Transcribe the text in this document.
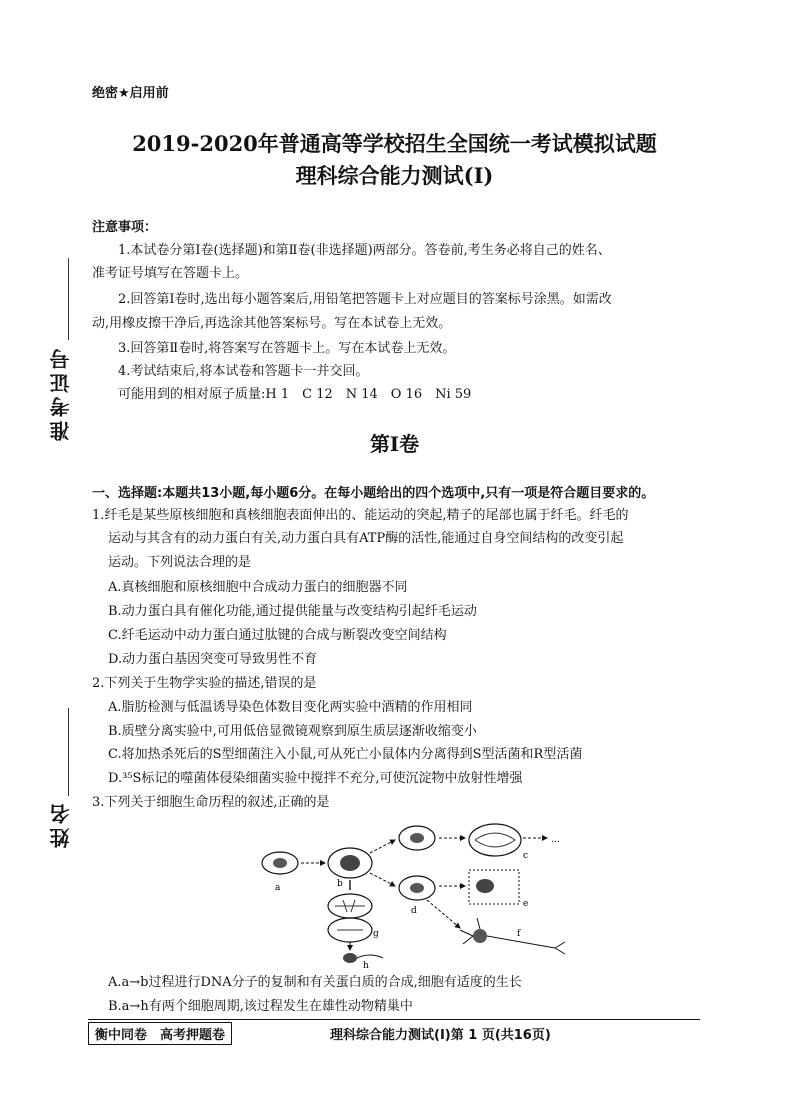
绝密★启用前
2019-2020年普通高等学校招生全国统一考试模拟试题
理科综合能力测试(Ⅰ)
准考证号
姓名
注意事项：
1.本试卷分第Ⅰ卷(选择题)和第Ⅱ卷(非选择题)两部分。答卷前,考生务必将自己的姓名、
准考证号填写在答题卡上。
2.回答第Ⅰ卷时,选出每小题答案后,用铅笔把答题卡上对应题目的答案标号涂黑。如需改
动,用橡皮擦干净后,再选涂其他答案标号。写在本试卷上无效。
3.回答第Ⅱ卷时,将答案写在答题卡上。写在本试卷上无效。
4.考试结束后,将本试卷和答题卡一并交回。
可能用到的相对原子质量:H 1　C 12　N 14　O 16　Ni 59
第Ⅰ卷
一、选择题:本题共13小题,每小题6分。在每小题给出的四个选项中,只有一项是符合题目要求的。
1.纤毛是某些原核细胞和真核细胞表面伸出的、能运动的突起,精子的尾部也属于纤毛。纤毛的
运动与其含有的动力蛋白有关,动力蛋白具有ATP酶的活性,能通过自身空间结构的改变引起
运动。下列说法合理的是
A.真核细胞和原核细胞中合成动力蛋白的细胞器不同
B.动力蛋白具有催化功能,通过提供能量与改变结构引起纤毛运动
C.纤毛运动中动力蛋白通过肽键的合成与断裂改变空间结构
D.动力蛋白基因突变可导致男性不育
2.下列关于生物学实验的描述,错误的是
A.脂肪检测与低温诱导染色体数目变化两实验中酒精的作用相同
B.质壁分离实验中,可用低倍显微镜观察到原生质层逐渐收缩变小
C.将加热杀死后的S型细菌注入小鼠,可从死亡小鼠体内分离得到S型活菌和R型活菌
D.³⁵S标记的噬菌体侵染细菌实验中搅拌不充分,可使沉淀物中放射性增强
3.下列关于细胞生命历程的叙述,正确的是
a	b
c
…
d
e
f
g
h
A.a→b过程进行DNA分子的复制和有关蛋白质的合成,细胞有适度的生长
B.a→h有两个细胞周期,该过程发生在雄性动物精巢中
衡中同卷　高考押题卷	理科综合能力测试(Ⅰ)第 1 页(共16页)
